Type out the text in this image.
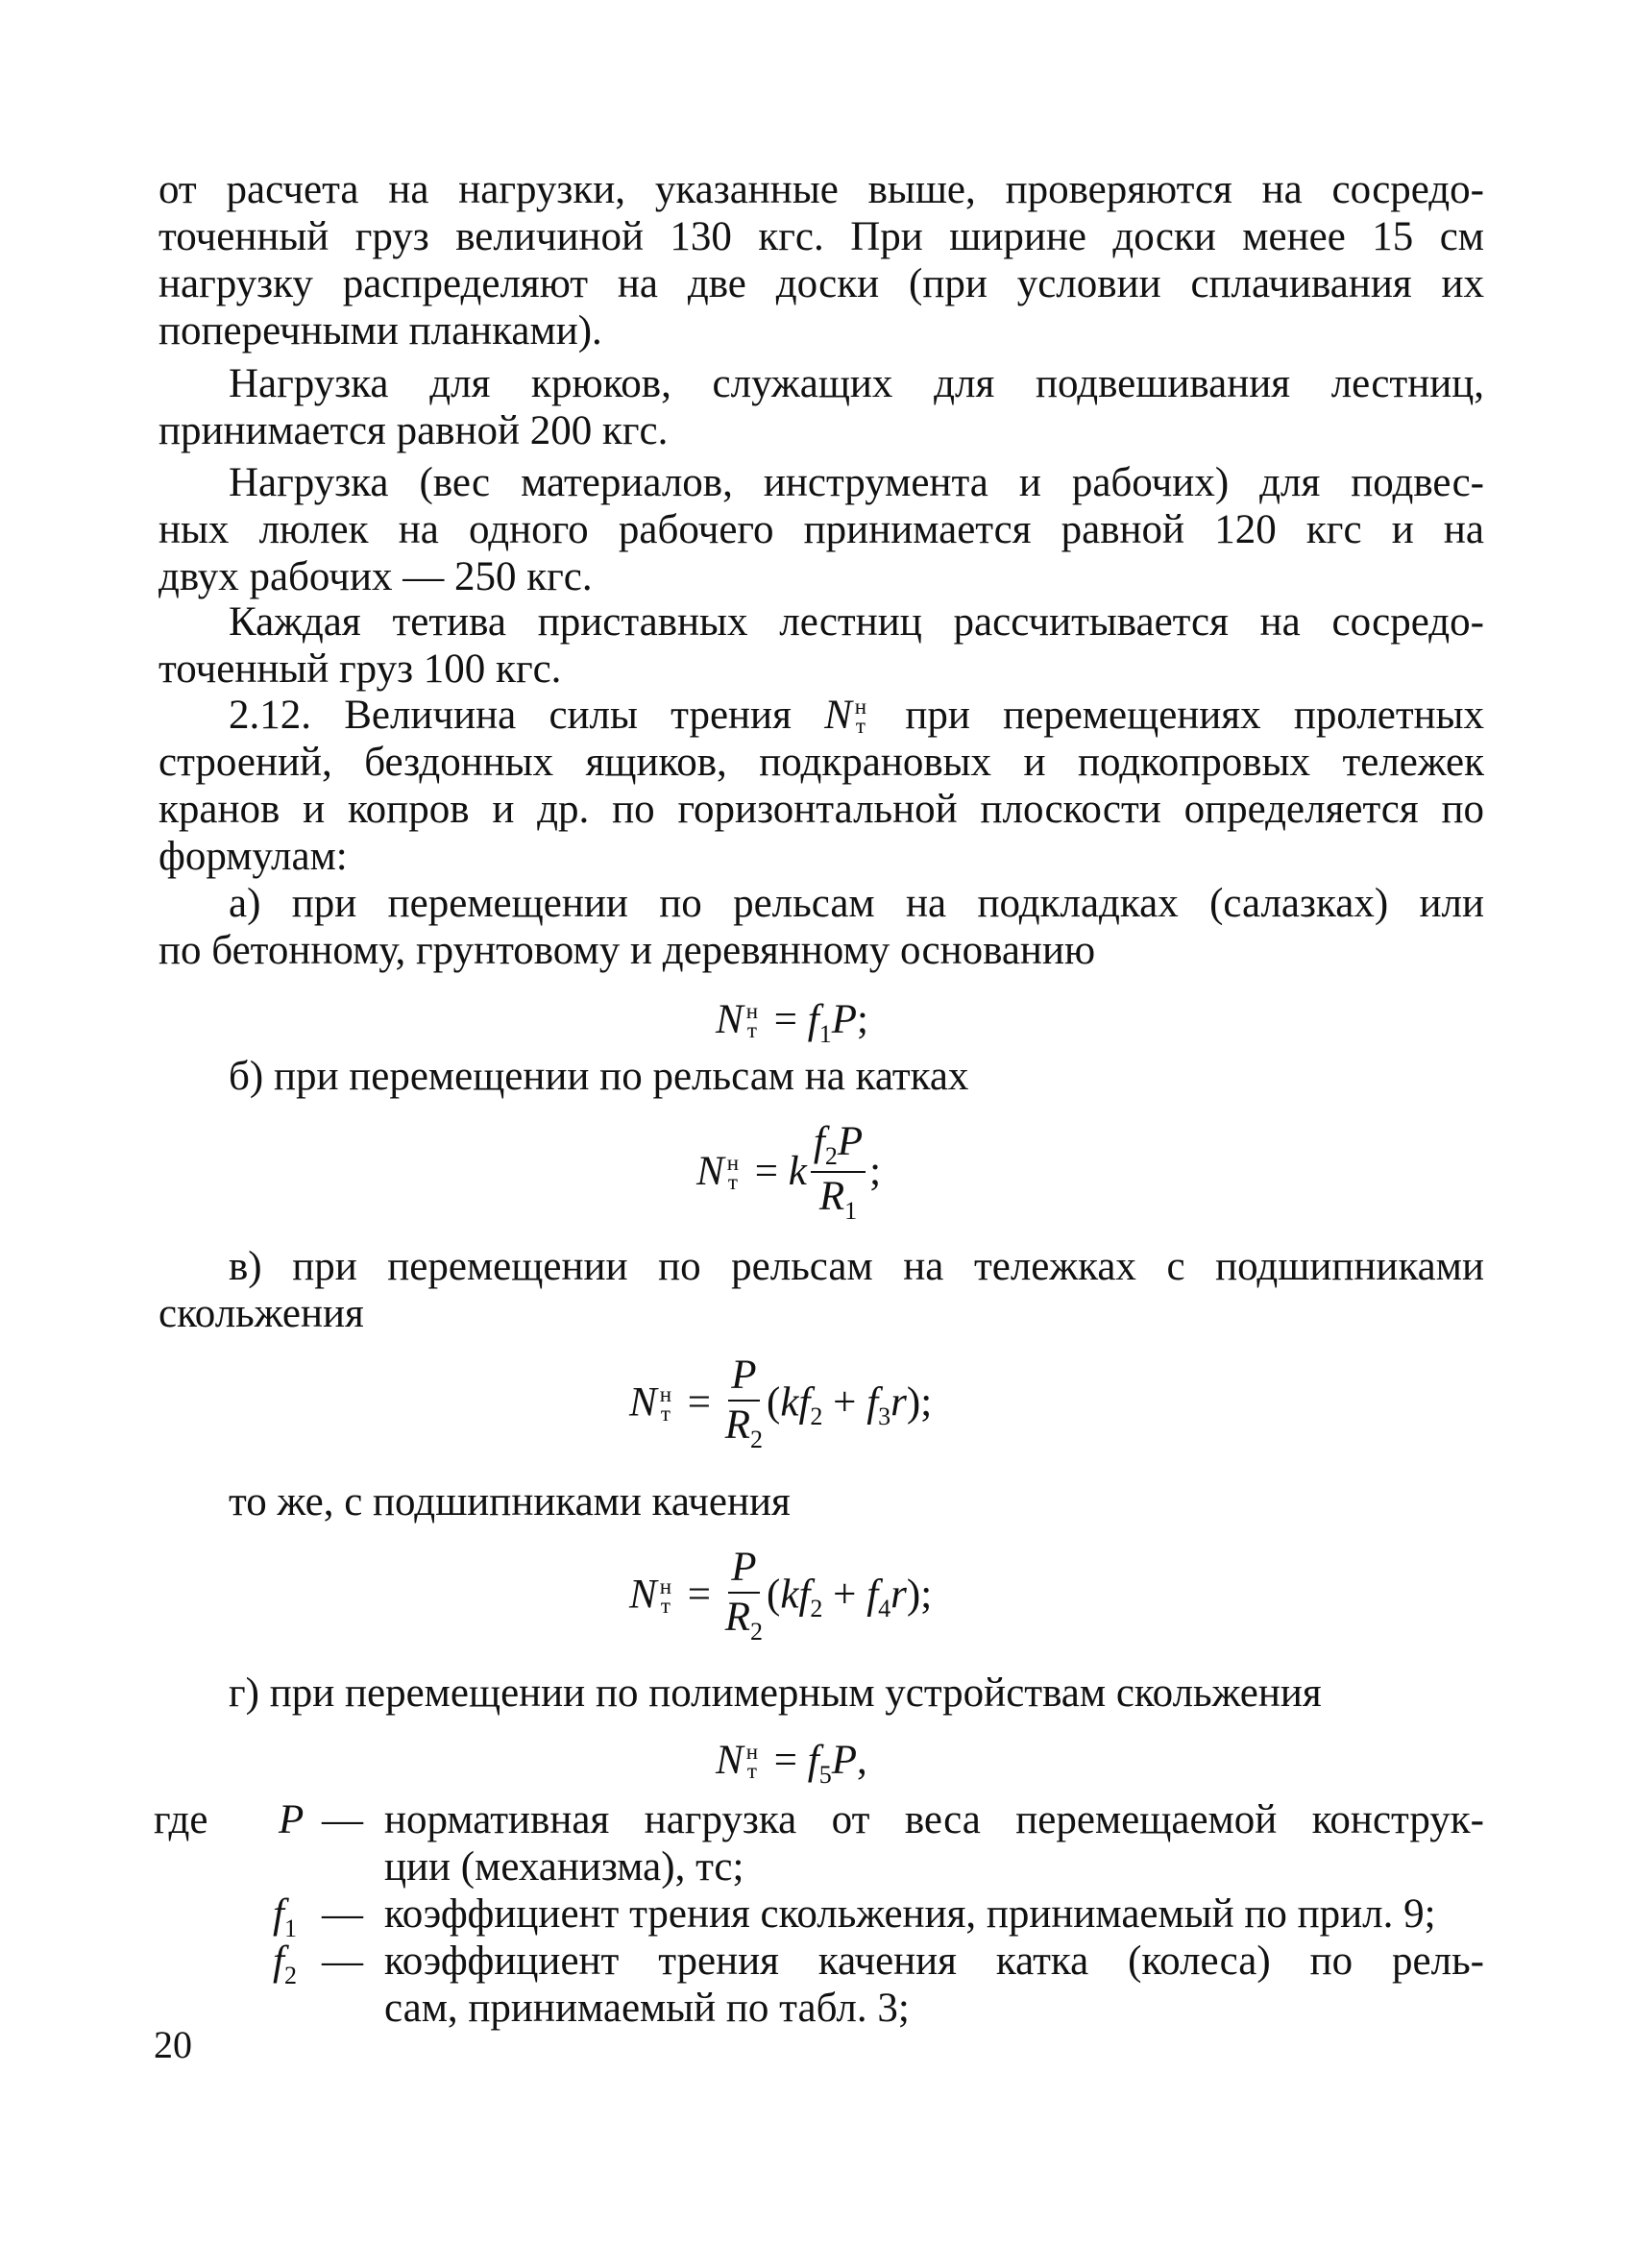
от расчета на нагрузки, указанные выше, проверяются на сосредо-
точенный груз величиной 130 кгс. При ширине доски менее 15 см
нагрузку распределяют на две доски (при условии сплачивания их
поперечными планками).
Нагрузка для крюков, служащих для подвешивания лестниц,
принимается равной 200 кгс.
Нагрузка (вес материалов, инструмента и рабочих) для подвес-
ных люлек на одного рабочего принимается равной 120 кгс и на
двух рабочих — 250 кгс.
Каждая тетива приставных лестниц рассчитывается на сосредо-
точенный груз 100 кгс.
2.12. Величина силы трения N н
т при перемещениях пролетных
строений, бездонных ящиков, подкрановых и подкопровых тележек
кранов и копров и др. по горизонтальной плоскости определяется по
формулам:
а) при перемещении по рельсам на подкладках (салазках) или
по бетонному, грунтовому и деревянному основанию
N н
$т = f_1P$;
б) при перемещении по рельсам на катках
N н
т = k $\frac{f_2P}{R_1}$ ;
в) при перемещении по рельсам на тележках с подшипниками
скольжения
N н
$т = \frac{P}{R_2} (kf_2 + f_3r)$;
то же, с подшипниками качения
N н
$т = \frac{P}{R_2} (kf_2 + f_4r)$;
г) при перемещении по полимерным устройствам скольжения
N н
$т = f_5P$,
где P — нормативная нагрузка от веса перемещаемой конструк-
ции (механизма), тс;
$f_1$ — коэффициент трения скольжения, принимаемый по прил. 9;
$f_2$ — коэффициент трения качения катка (колеса) по рель-
сам, принимаемый по табл. 3;
20
